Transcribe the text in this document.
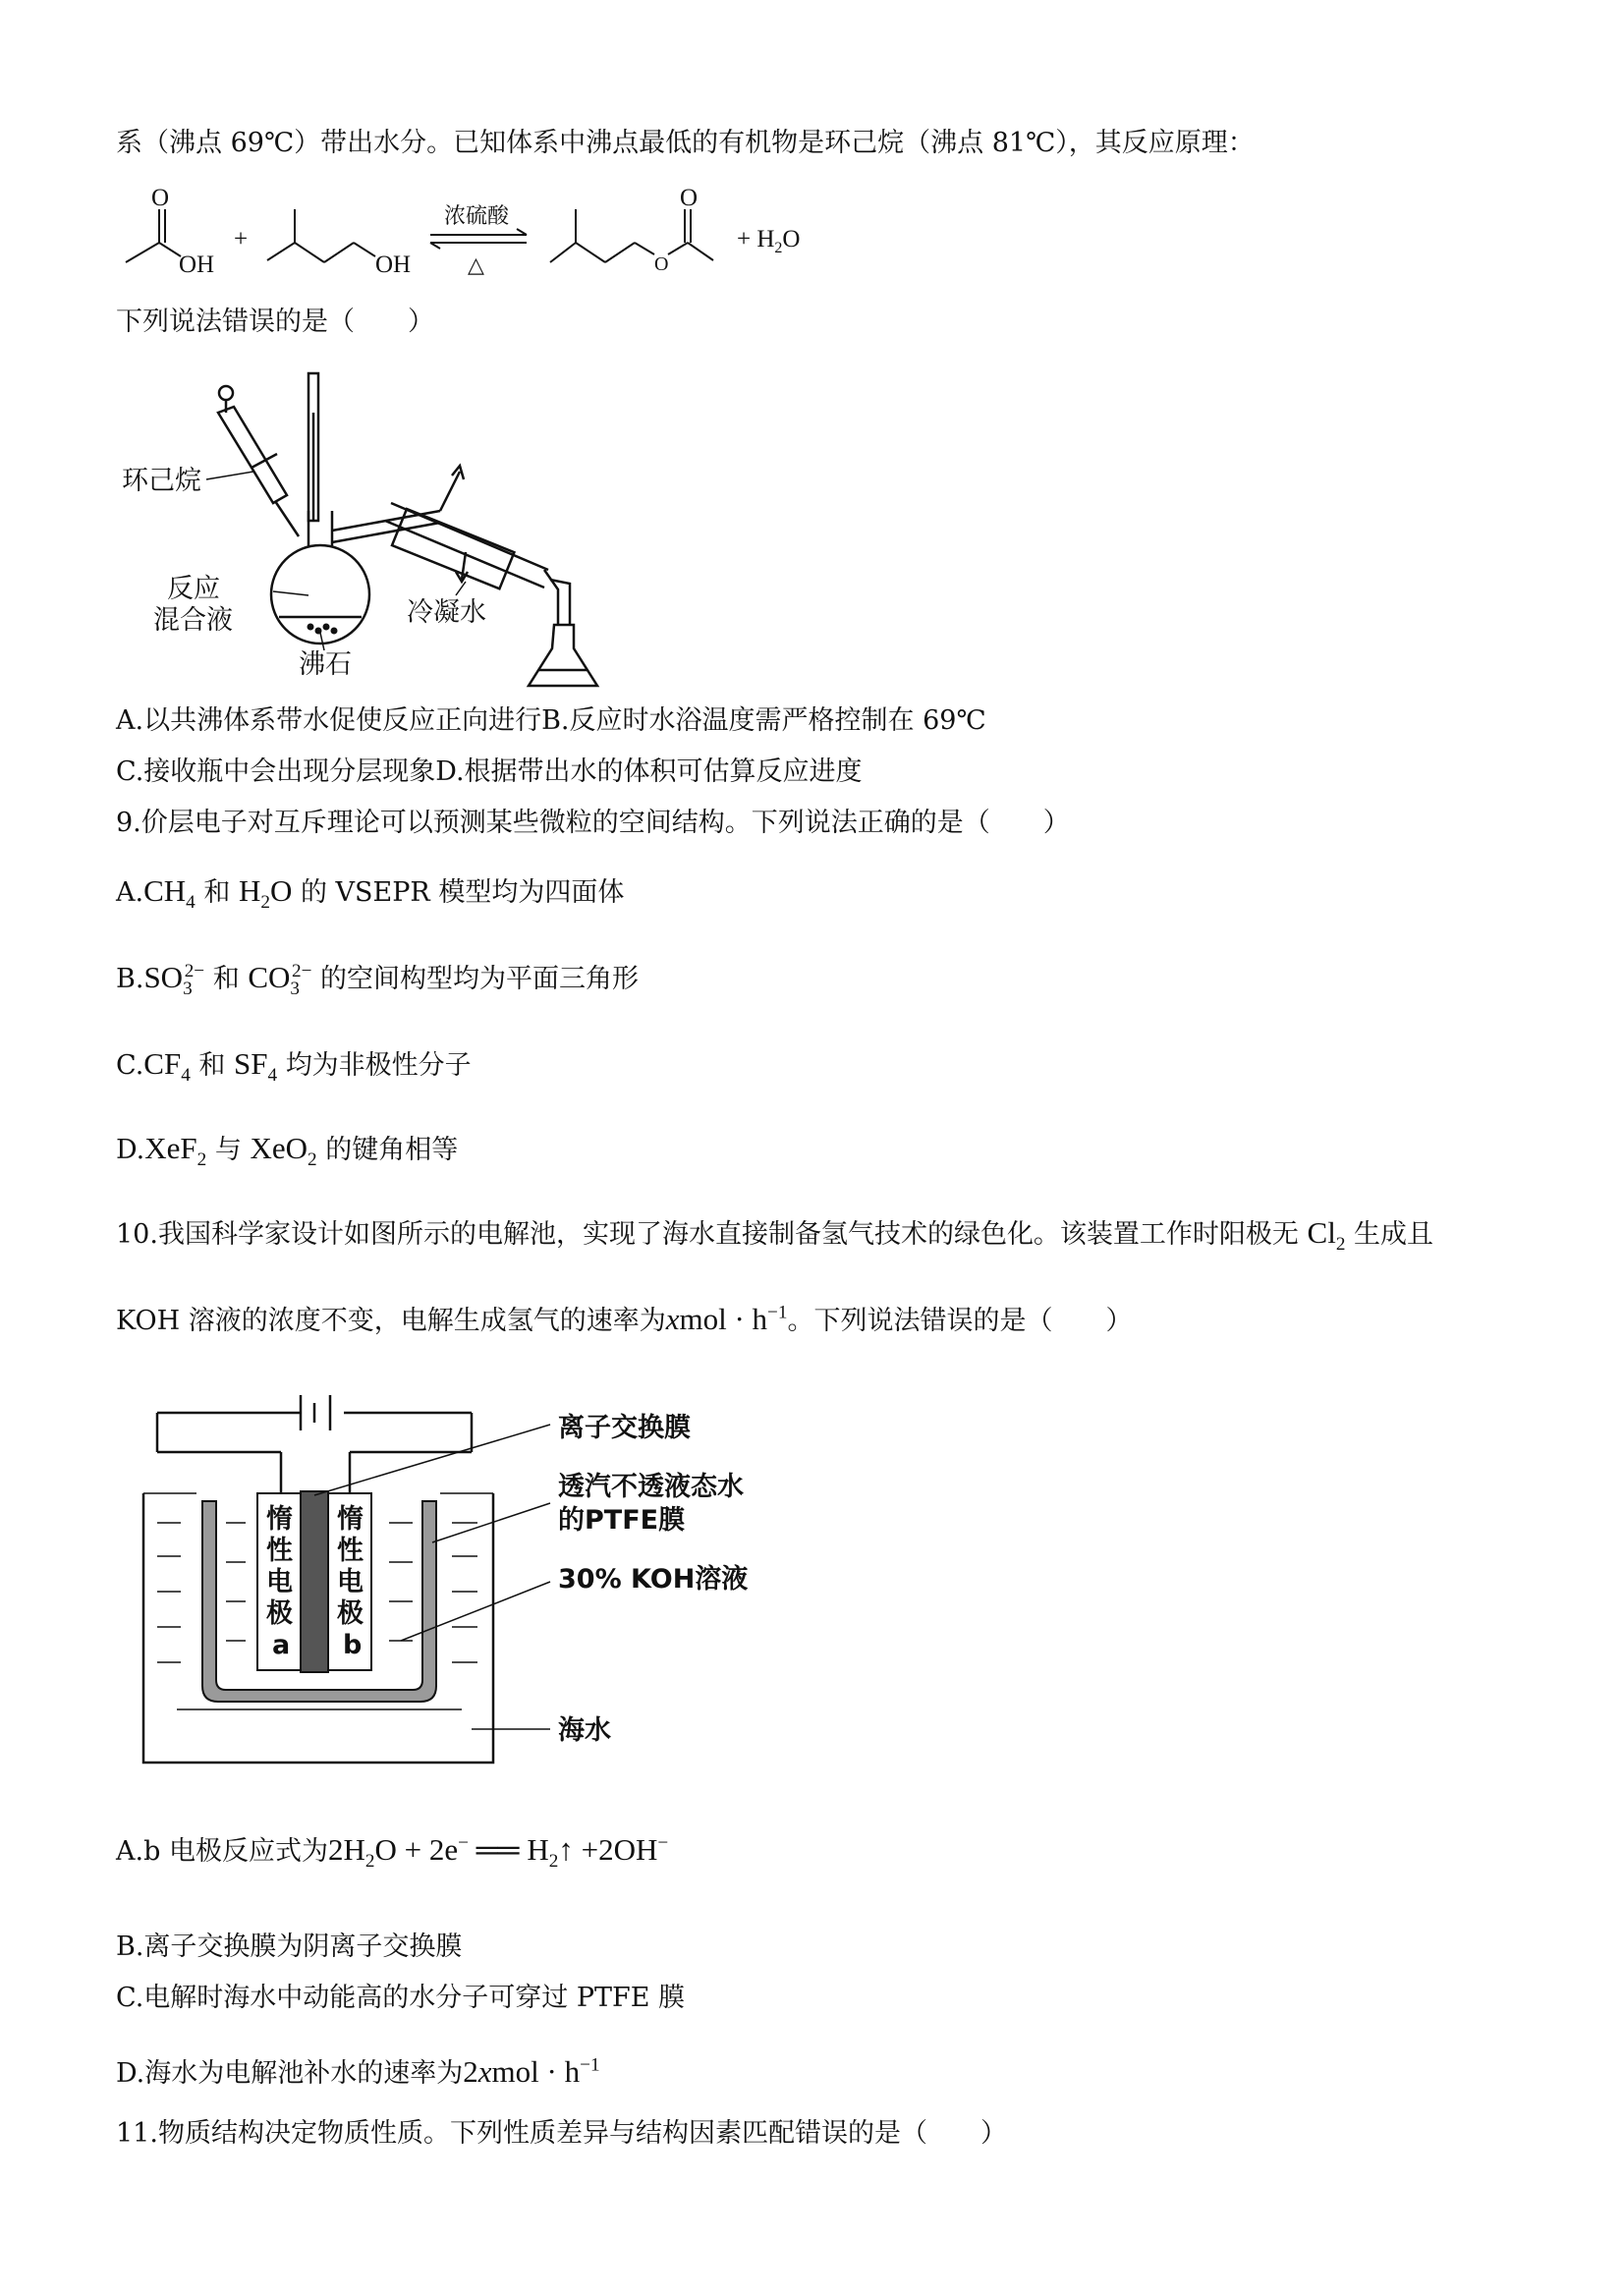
系（沸点 69℃）带出水分。已知体系中沸点最低的有机物是环己烷（沸点 81℃），其反应原理：
O
OH
+
OH
浓硫酸
△	O
O
+ $H_2O$
下列说法错误的是（　　）
环己烷
反应
混合液
沸石
冷凝水
A.以共沸体系带水促使反应正向进行B.反应时水浴温度需严格控制在 69℃
C.接收瓶中会出现分层现象D.根据带出水的体积可估算反应进度
9.价层电子对互斥理论可以预测某些微粒的空间结构。下列说法正确的是（　　）
$A.CH_4$ 和 $H_2O$ 的 VSEPR 模型均为四面体
$B.SO_3^{2-}$ 和 $CO_3^{2-}$ 的空间构型均为平面三角形
$C.CF_4$ 和 $SF_4$ 均为非极性分子
D.XeF$_2$ 与 XeO$_2$ 的键角相等
10.我国科学家设计如图所示的电解池，实现了海水直接制备氢气技术的绿色化。该装置工作时阳极无 $Cl_2$ 生成且
KOH 溶液的浓度不变，电解生成氢气的速率为xmol · $h^{-1}$。下列说法错误的是（　　）
惰
性
电
极
a
惰
性
电
极
b
离子交换膜
透汽不透液态水
的PTFE膜
30% KOH溶液
海水
A.b 电极反应式为$2H_2O + 2e^-$ ══ $H_2↑ +2OH^-$
B.离子交换膜为阴离子交换膜
C.电解时海水中动能高的水分子可穿过 PTFE 膜
D.海水为电解池补水的速率为2xmol · $h^{-1}$
11.物质结构决定物质性质。下列性质差异与结构因素匹配错误的是（　　）
